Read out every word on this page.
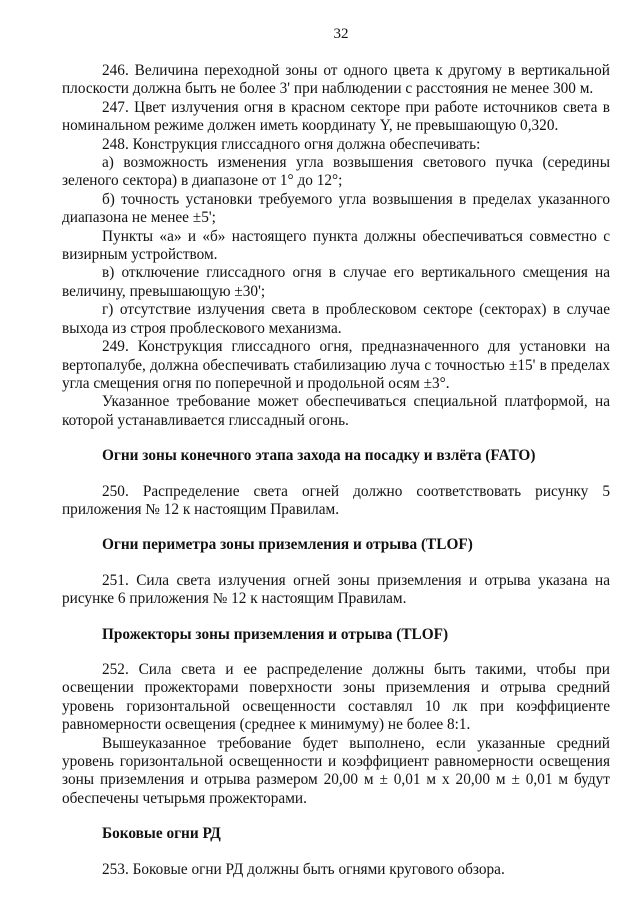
32

246. Величина переходной зоны от одного цвета к другому в вертикальной плоскости должна быть не более 3' при наблюдении с расстояния не менее 300 м.

247. Цвет излучения огня в красном секторе при работе источников света в номинальном режиме должен иметь координату Y, не превышающую 0,320.

248. Конструкция глиссадного огня должна обеспечивать:

а) возможность изменения угла возвышения светового пучка (середины зеленого сектора) в диапазоне от 1° до 12°;

б) точность установки требуемого угла возвышения в пределах указанного диапазона не менее ±5';

Пункты «а» и «б» настоящего пункта должны обеспечиваться совместно с визирным устройством.

в) отключение глиссадного огня в случае его вертикального смещения на величину, превышающую ±30';

г) отсутствие излучения света в проблесковом секторе (секторах) в случае выхода из строя проблескового механизма.

249. Конструкция глиссадного огня, предназначенного для установки на вертопалубе, должна обеспечивать стабилизацию луча с точностью ±15' в пределах угла смещения огня по поперечной и продольной осям ±3°.

Указанное требование может обеспечиваться специальной платформой, на которой устанавливается глиссадный огонь.

Огни зоны конечного этапа захода на посадку и взлёта (FATO)

250. Распределение света огней должно соответствовать рисунку 5 приложения № 12 к настоящим Правилам.

Огни периметра зоны приземления и отрыва (TLOF)

251. Сила света излучения огней зоны приземления и отрыва указана на рисунке 6 приложения № 12 к настоящим Правилам.

Прожекторы зоны приземления и отрыва (TLOF)

252. Сила света и ее распределение должны быть такими, чтобы при освещении прожекторами поверхности зоны приземления и отрыва средний уровень горизонтальной освещенности составлял 10 лк при коэффициенте равномерности освещения (среднее к минимуму) не более 8:1.

Вышеуказанное требование будет выполнено, если указанные средний уровень горизонтальной освещенности и коэффициент равномерности освещения зоны приземления и отрыва размером 20,00 м ± 0,01 м х 20,00 м ± 0,01 м будут обеспечены четырьмя прожекторами.

Боковые огни РД

253. Боковые огни РД должны быть огнями кругового обзора.
